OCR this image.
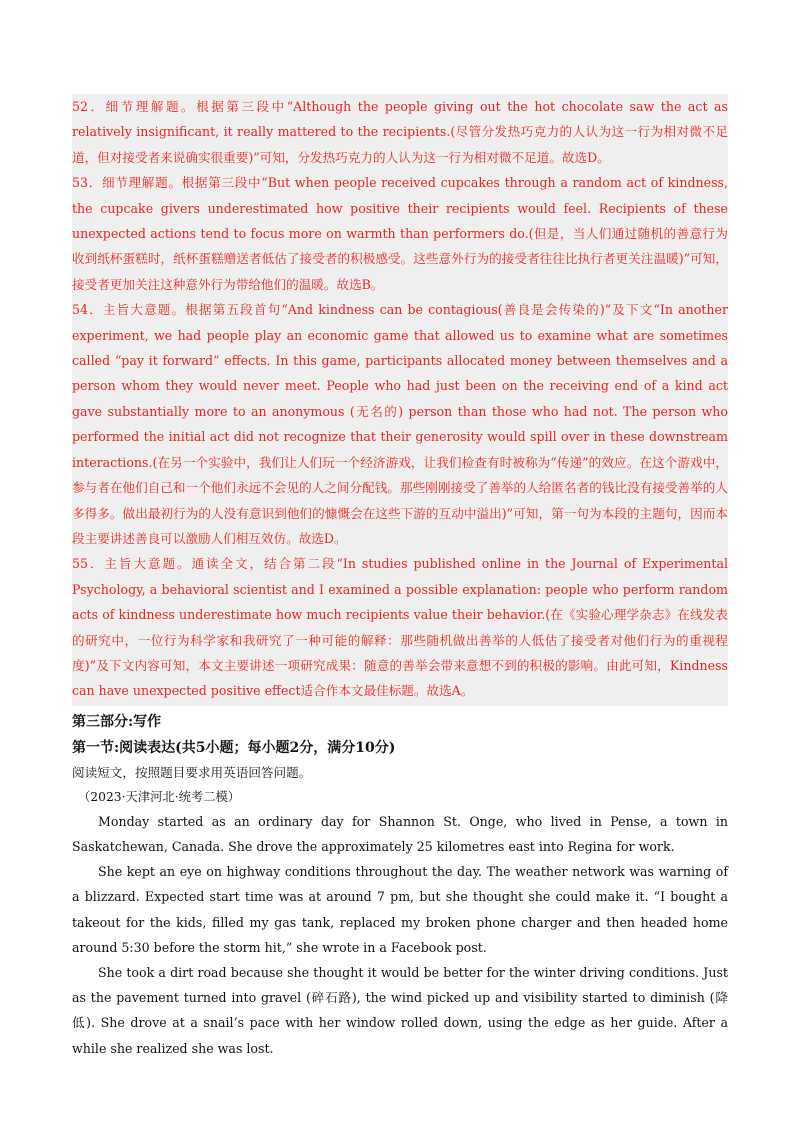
52．细节理解题。根据第三段中“Although the people giving out the hot chocolate saw the act as relatively insignificant, it really mattered to the recipients.(尽管分发热巧克力的人认为这一行为相对微不足道，但对接受者来说确实很重要)”可知，分发热巧克力的人认为这一行为相对微不足道。故选D。

53．细节理解题。根据第三段中“But when people received cupcakes through a random act of kindness, the cupcake givers underestimated how positive their recipients would feel. Recipients of these unexpected actions tend to focus more on warmth than performers do.(但是，当人们通过随机的善意行为收到纸杯蛋糕时，纸杯蛋糕赠送者低估了接受者的积极感受。这些意外行为的接受者往往比执行者更关注温暖)”可知，接受者更加关注这种意外行为带给他们的温暖。故选B。

54．主旨大意题。根据第五段首句“And kindness can be contagious(善良是会传染的)”及下文“In another experiment, we had people play an economic game that allowed us to examine what are sometimes called “pay it forward” effects. In this game, participants allocated money between themselves and a person whom they would never meet. People who had just been on the receiving end of a kind act gave substantially more to an anonymous (无名的) person than those who had not. The person who performed the initial act did not recognize that their generosity would spill over in these downstream interactions.(在另一个实验中，我们让人们玩一个经济游戏，让我们检查有时被称为“传递”的效应。在这个游戏中，参与者在他们自己和一个他们永远不会见的人之间分配钱。那些刚刚接受了善举的人给匿名者的钱比没有接受善举的人多得多。做出最初行为的人没有意识到他们的慷慨会在这些下游的互动中溢出)”可知，第一句为本段的主题句，因而本段主要讲述善良可以激励人们相互效仿。故选D。

55．主旨大意题。通读全文，结合第二段“In studies published online in the Journal of Experimental Psychology, a behavioral scientist and I examined a possible explanation: people who perform random acts of kindness underestimate how much recipients value their behavior.(在《实验心理学杂志》在线发表的研究中，一位行为科学家和我研究了一种可能的解释：那些随机做出善举的人低估了接受者对他们行为的重视程度)”及下文内容可知，本文主要讲述一项研究成果：随意的善举会带来意想不到的积极的影响。由此可知，Kindness can have unexpected positive effect适合作本文最佳标题。故选A。

第三部分:写作

第一节:阅读表达(共5小题；每小题2分，满分10分)

阅读短文，按照题目要求用英语回答问题。

（2023·天津河北·统考二模）

Monday started as an ordinary day for Shannon St. Onge, who lived in Pense, a town in Saskatchewan, Canada. She drove the approximately 25 kilometres east into Regina for work.

She kept an eye on highway conditions throughout the day. The weather network was warning of a blizzard. Expected start time was at around 7 pm, but she thought she could make it. “I bought a takeout for the kids, filled my gas tank, replaced my broken phone charger and then headed home around 5:30 before the storm hit,” she wrote in a Facebook post.

She took a dirt road because she thought it would be better for the winter driving conditions. Just as the pavement turned into gravel (碎石路), the wind picked up and visibility started to diminish (降低). She drove at a snail’s pace with her window rolled down, using the edge as her guide. After a while she realized she was lost.
